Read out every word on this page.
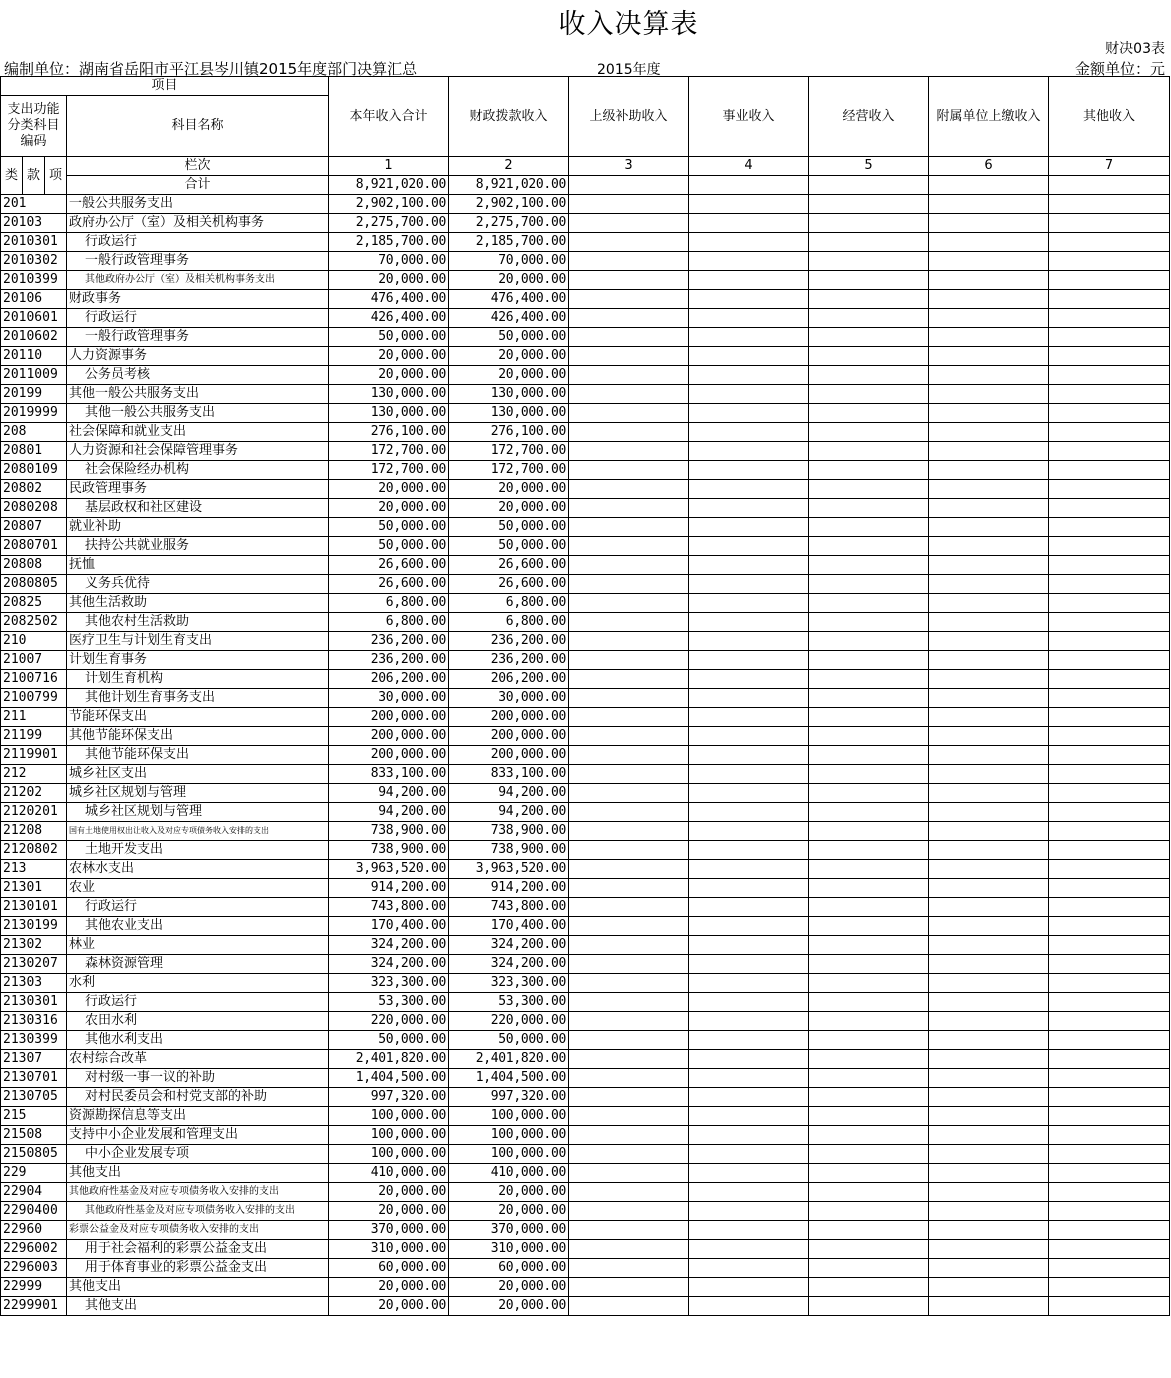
收入决算表
财决03表
编制单位：湖南省岳阳市平江县岑川镇2015年度部门决算汇总	2015年度	金额单位：元
项目				本年收入合计	财政拨款收入	上级补助收入	事业收入	经营收入	附属单位上缴收入	其他收入
支出功能分类科目编码			科目名称							

类	款	项	栏次	1	2	3	4	5	6	7
			合计	8,921,020.00	8,921,020.00					
201			一般公共服务支出	2,902,100.00	2,902,100.00					
20103			政府办公厅（室）及相关机构事务	2,275,700.00	2,275,700.00					
2010301			行政运行	2,185,700.00	2,185,700.00					
2010302			一般行政管理事务	70,000.00	70,000.00					
2010399			其他政府办公厅（室）及相关机构事务支出	20,000.00	20,000.00					
20106			财政事务	476,400.00	476,400.00					
2010601			行政运行	426,400.00	426,400.00					
2010602			一般行政管理事务	50,000.00	50,000.00					
20110			人力资源事务	20,000.00	20,000.00					
2011009			公务员考核	20,000.00	20,000.00					
20199			其他一般公共服务支出	130,000.00	130,000.00					
2019999			其他一般公共服务支出	130,000.00	130,000.00					
208			社会保障和就业支出	276,100.00	276,100.00					
20801			人力资源和社会保障管理事务	172,700.00	172,700.00					
2080109			社会保险经办机构	172,700.00	172,700.00					
20802			民政管理事务	20,000.00	20,000.00					
2080208			基层政权和社区建设	20,000.00	20,000.00					
20807			就业补助	50,000.00	50,000.00					
2080701			扶持公共就业服务	50,000.00	50,000.00					
20808			抚恤	26,600.00	26,600.00					
2080805			义务兵优待	26,600.00	26,600.00					
20825			其他生活救助	6,800.00	6,800.00					
2082502			其他农村生活救助	6,800.00	6,800.00					
210			医疗卫生与计划生育支出	236,200.00	236,200.00					
21007			计划生育事务	236,200.00	236,200.00					
2100716			计划生育机构	206,200.00	206,200.00					
2100799			其他计划生育事务支出	30,000.00	30,000.00					
211			节能环保支出	200,000.00	200,000.00					
21199			其他节能环保支出	200,000.00	200,000.00					
2119901			其他节能环保支出	200,000.00	200,000.00					
212			城乡社区支出	833,100.00	833,100.00					
21202			城乡社区规划与管理	94,200.00	94,200.00					
2120201			城乡社区规划与管理	94,200.00	94,200.00					
21208			国有土地使用权出让收入及对应专项债务收入安排的支出	738,900.00	738,900.00					
2120802			土地开发支出	738,900.00	738,900.00					
213			农林水支出	3,963,520.00	3,963,520.00					
21301			农业	914,200.00	914,200.00					
2130101			行政运行	743,800.00	743,800.00					
2130199			其他农业支出	170,400.00	170,400.00					
21302			林业	324,200.00	324,200.00					
2130207			森林资源管理	324,200.00	324,200.00					
21303			水利	323,300.00	323,300.00					
2130301			行政运行	53,300.00	53,300.00					
2130316			农田水利	220,000.00	220,000.00					
2130399			其他水利支出	50,000.00	50,000.00					
21307			农村综合改革	2,401,820.00	2,401,820.00					
2130701			对村级一事一议的补助	1,404,500.00	1,404,500.00					
2130705			对村民委员会和村党支部的补助	997,320.00	997,320.00					
215			资源勘探信息等支出	100,000.00	100,000.00					
21508			支持中小企业发展和管理支出	100,000.00	100,000.00					
2150805			中小企业发展专项	100,000.00	100,000.00					
229			其他支出	410,000.00	410,000.00					
22904			其他政府性基金及对应专项债务收入安排的支出	20,000.00	20,000.00					
2290400			其他政府性基金及对应专项债务收入安排的支出	20,000.00	20,000.00					
22960			彩票公益金及对应专项债务收入安排的支出	370,000.00	370,000.00					
2296002			用于社会福利的彩票公益金支出	310,000.00	310,000.00					
2296003			用于体育事业的彩票公益金支出	60,000.00	60,000.00					
22999			其他支出	20,000.00	20,000.00					
2299901			其他支出	20,000.00	20,000.00					
